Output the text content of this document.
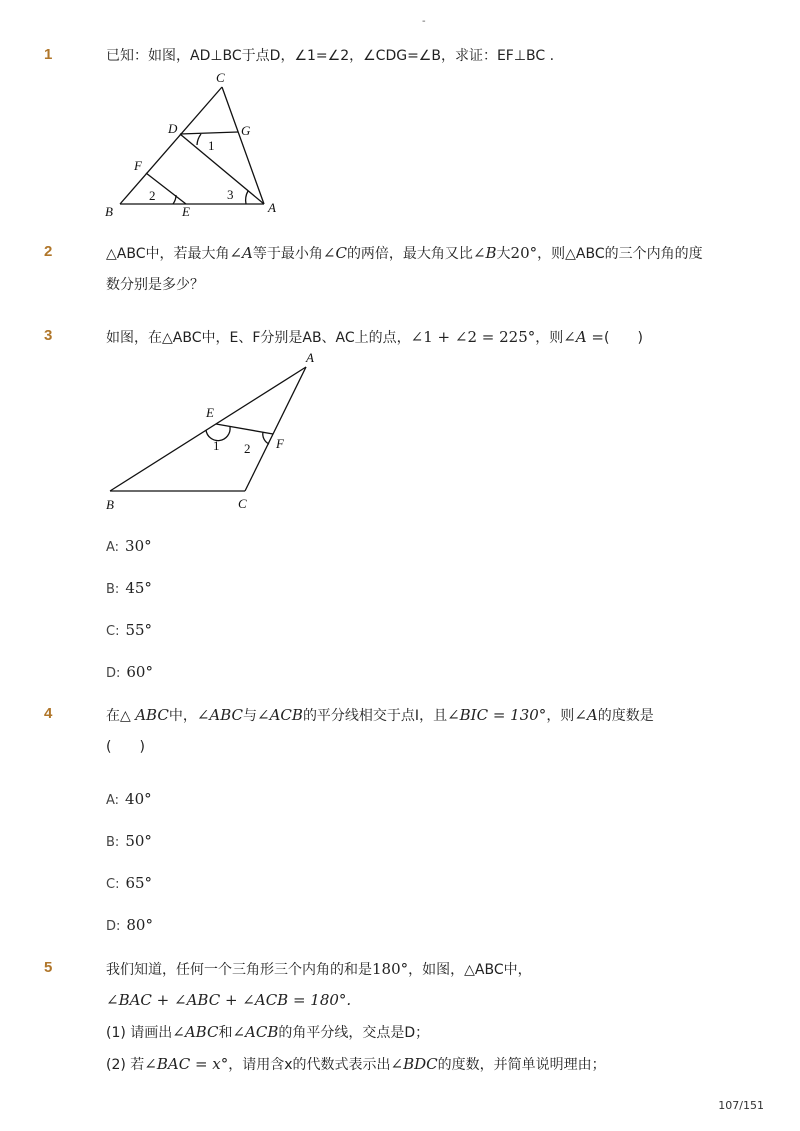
-
1	已知：如图，AD⊥BC于点D，∠1=∠2，∠CDG=∠B，求证：EF⊥BC .
C
D	G
F
B	E	A
1
2	3
2	△ABC中，若最大角∠A等于最小角∠C的两倍，最大角又比∠B大20°，则△ABC的三个内角的度
数分别是多少？
3	如图，在△ABC中，E、F分别是AB、AC上的点，∠1 + ∠2 = 225°，则∠A =(　　)
A
E
F
B	C
1 2
A: 30°
B: 45°
C: 55°
D: 60°
4	在△ ABC中，∠ABC与∠ACB的平分线相交于点I，且∠BIC = 130°，则∠A的度数是
(　　)
A: 40°
B: 50°
C: 65°
D: 80°
5	我们知道，任何一个三角形三个内角的和是180°，如图，△ABC中，
∠BAC + ∠ABC + ∠ACB = 180°.
(1) 请画出∠ABC和∠ACB的角平分线，交点是D；
(2) 若∠BAC = x°，请用含x的代数式表示出∠BDC的度数，并简单说明理由；
107/151
